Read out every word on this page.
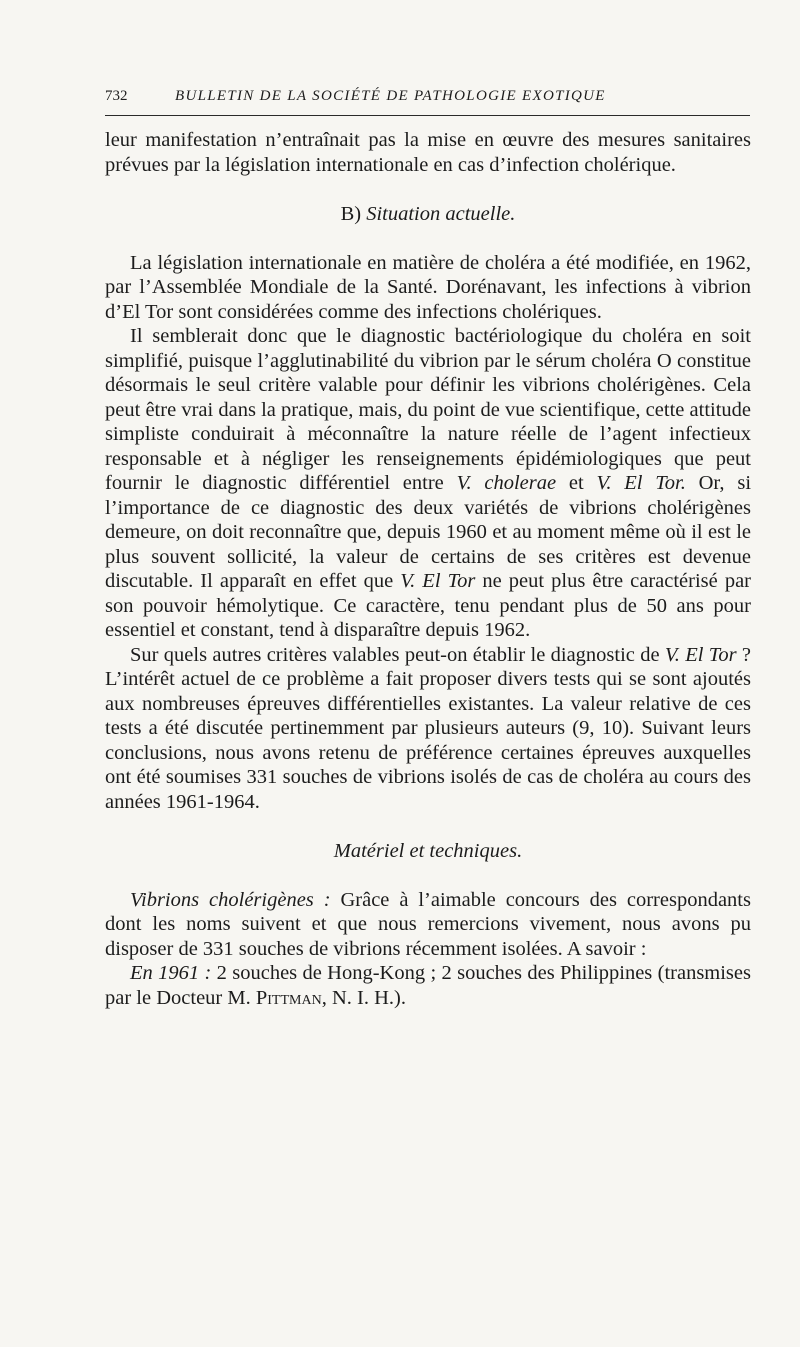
732	BULLETIN DE LA SOCIÉTÉ DE PATHOLOGIE EXOTIQUE

leur manifestation n’entraînait pas la mise en œuvre des mesures sanitaires prévues par la législation internationale en cas d’infection cholérique.

B) Situation actuelle.

La législation internationale en matière de choléra a été modifiée, en 1962, par l’Assemblée Mondiale de la Santé. Dorénavant, les infections à vibrion d’El Tor sont considérées comme des infections cholériques.

Il semblerait donc que le diagnostic bactériologique du choléra en soit simplifié, puisque l’agglutinabilité du vibrion par le sérum choléra O constitue désormais le seul critère valable pour définir les vibrions cholérigènes. Cela peut être vrai dans la pratique, mais, du point de vue scientifique, cette attitude simpliste conduirait à méconnaître la nature réelle de l’agent infectieux responsable et à négliger les renseignements épidémiologiques que peut fournir le diagnostic différentiel entre V. cholerae et V. El Tor. Or, si l’importance de ce diagnostic des deux variétés de vibrions cholérigènes demeure, on doit reconnaître que, depuis 1960 et au moment même où il est le plus souvent sollicité, la valeur de certains de ses critères est devenue discutable. Il apparaît en effet que V. El Tor ne peut plus être caractérisé par son pouvoir hémolytique. Ce caractère, tenu pendant plus de 50 ans pour essentiel et constant, tend à disparaître depuis 1962.

Sur quels autres critères valables peut-on établir le diagnostic de V. El Tor ? L’intérêt actuel de ce problème a fait proposer divers tests qui se sont ajoutés aux nombreuses épreuves différentielles existantes. La valeur relative de ces tests a été discutée pertinemment par plusieurs auteurs (9, 10). Suivant leurs conclusions, nous avons retenu de préférence certaines épreuves auxquelles ont été soumises 331 souches de vibrions isolés de cas de choléra au cours des années 1961-1964.

Matériel et techniques.

Vibrions cholérigènes : Grâce à l’aimable concours des correspondants dont les noms suivent et que nous remercions vivement, nous avons pu disposer de 331 souches de vibrions récemment isolées. A savoir :

En 1961 : 2 souches de Hong-Kong ; 2 souches des Philippines (transmises par le Docteur M. Pittman, N. I. H.).
